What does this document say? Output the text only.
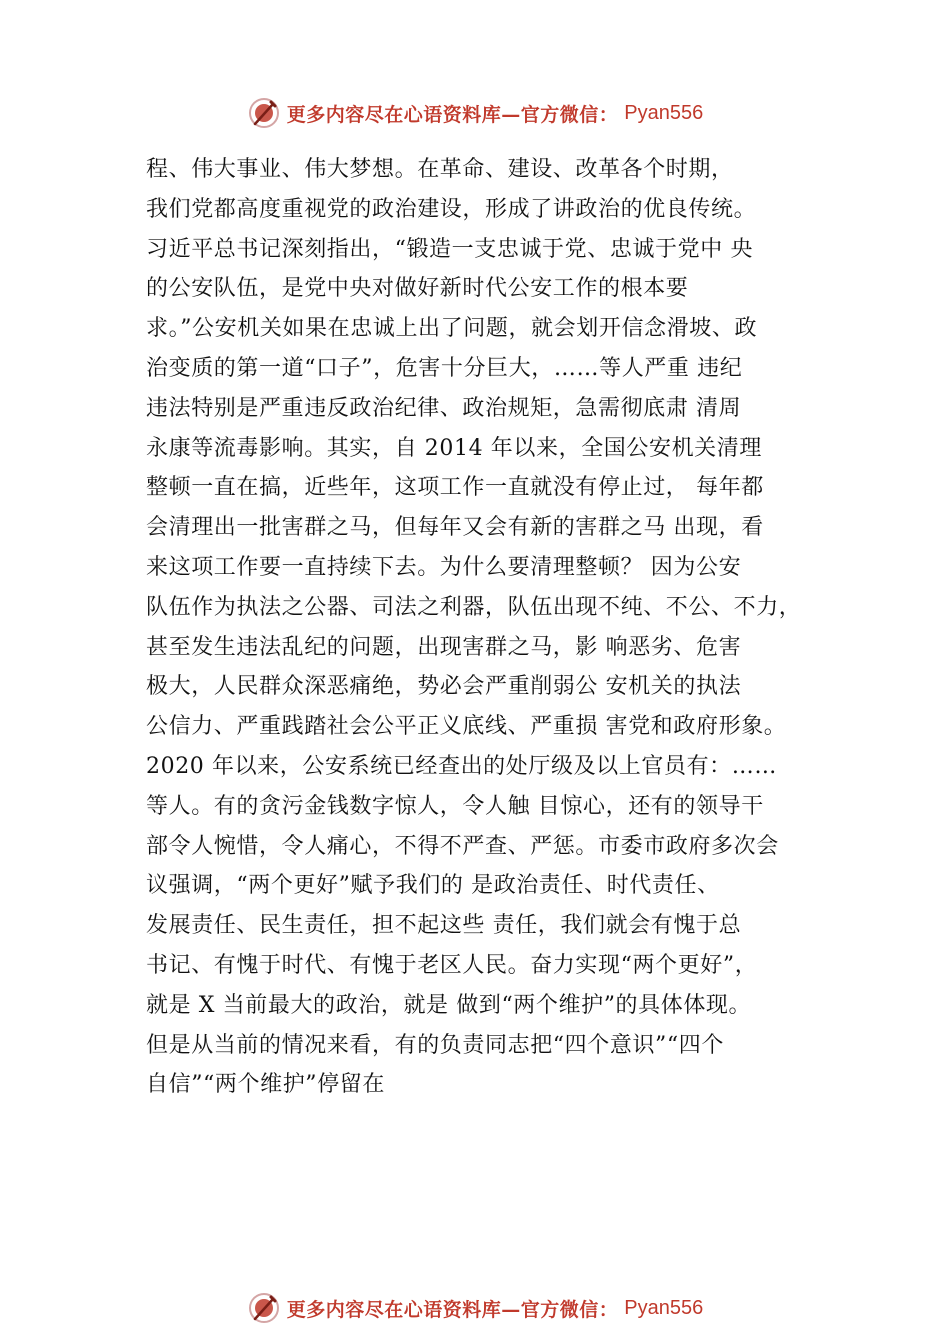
更多内容尽在心语资料库—官方微信： Pyan556
程、伟大事业、伟大梦想。在革命、建设、改革各个时期，
我们党都高度重视党的政治建设，形成了讲政治的优良传统。
习近平总书记深刻指出，“锻造一支忠诚于党、忠诚于党中 央
的公安队伍，是党中央对做好新时代公安工作的根本要
求。”公安机关如果在忠诚上出了问题，就会划开信念滑坡、政
治变质的第一道“口子”，危害十分巨大，……等人严重 违纪
违法特别是严重违反政治纪律、政治规矩，急需彻底肃 清周
永康等流毒影响。其实，自 2014 年以来，全国公安机关清理
整顿一直在搞，近些年，这项工作一直就没有停止过， 每年都
会清理出一批害群之马，但每年又会有新的害群之马 出现，看
来这项工作要一直持续下去。为什么要清理整顿？ 因为公安
队伍作为执法之公器、司法之利器，队伍出现不纯、不公、不力，
甚至发生违法乱纪的问题，出现害群之马，影 响恶劣、危害
极大，人民群众深恶痛绝，势必会严重削弱公 安机关的执法
公信力、严重践踏社会公平正义底线、严重损 害党和政府形象。
2020 年以来，公安系统已经查出的处厅级及以上官员有：……
等人。有的贪污金钱数字惊人，令人触 目惊心，还有的领导干
部令人惋惜，令人痛心，不得不严查、严惩。市委市政府多次会
议强调，“两个更好”赋予我们的 是政治责任、时代责任、
发展责任、民生责任，担不起这些 责任，我们就会有愧于总
书记、有愧于时代、有愧于老区人民。奋力实现“两个更好”，
就是 X 当前最大的政治，就是 做到“两个维护”的具体体现。
但是从当前的情况来看，有的负责同志把“四个意识”“四个
自信”“两个维护”停留在
更多内容尽在心语资料库—官方微信： Pyan556
